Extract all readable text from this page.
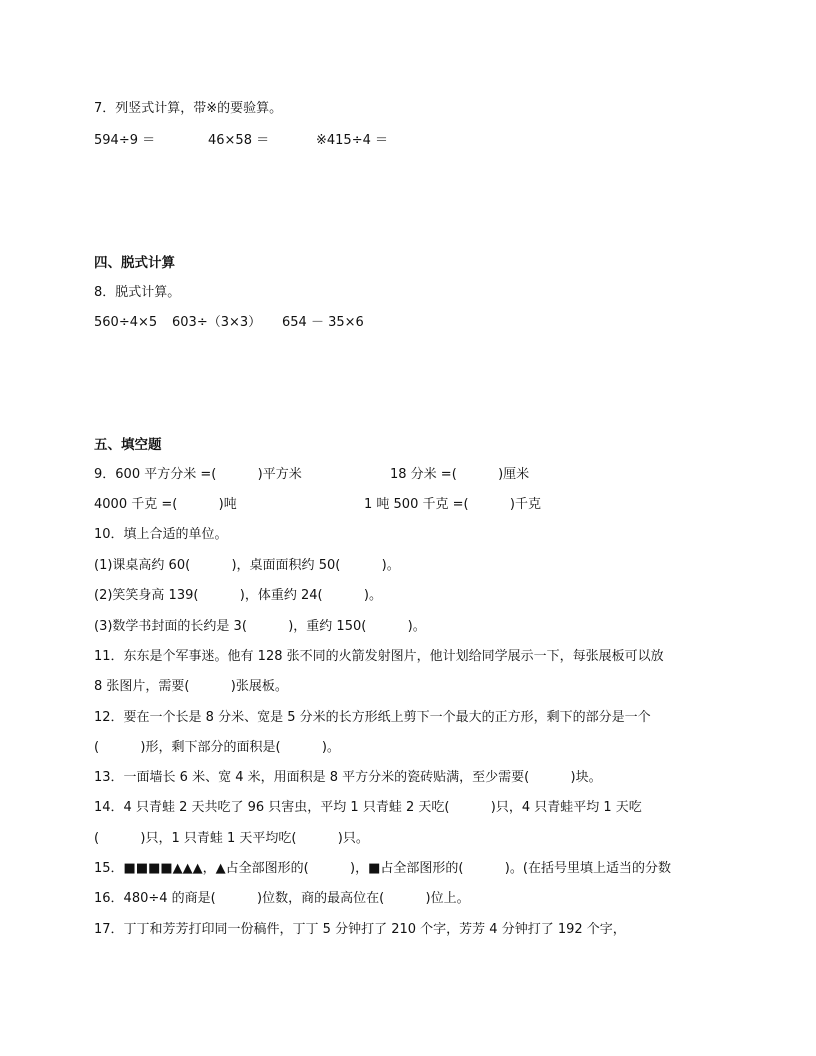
7．列竖式计算，带※的要验算。
594÷9 ＝	46×58 ＝	※415÷4 ＝
四、脱式计算
8．脱式计算。
560÷4×5 603÷（3×3） 654 － 35×6
五、填空题
9．600 平方分米 =(          )平方米	18 分米 =(          )厘米
4000 千克 =(          )吨	1 吨 500 千克 =(          )千克
10．填上合适的单位。
(1)课桌高约 60(          )，桌面面积约 50(          )。
(2)笑笑身高 139(          )，体重约 24(          )。
(3)数学书封面的长约是 3(          )，重约 150(          )。
11．东东是个军事迷。他有 128 张不同的火箭发射图片，他计划给同学展示一下，每张展板可以放
8 张图片，需要(          )张展板。
12．要在一个长是 8 分米、宽是 5 分米的长方形纸上剪下一个最大的正方形，剩下的部分是一个
(          )形，剩下部分的面积是(          )。
13．一面墙长 6 米、宽 4 米，用面积是 8 平方分米的瓷砖贴满，至少需要(          )块。
14．4 只青蛙 2 天共吃了 96 只害虫，平均 1 只青蛙 2 天吃(          )只，4 只青蛙平均 1 天吃
(          )只，1 只青蛙 1 天平均吃(          )只。
15．■■■■▲▲▲，▲占全部图形的(          )，■占全部图形的(          )。(在括号里填上适当的分数
16．480÷4 的商是(          )位数，商的最高位在(          )位上。
17．丁丁和芳芳打印同一份稿件，丁丁 5 分钟打了 210 个字，芳芳 4 分钟打了 192 个字，
